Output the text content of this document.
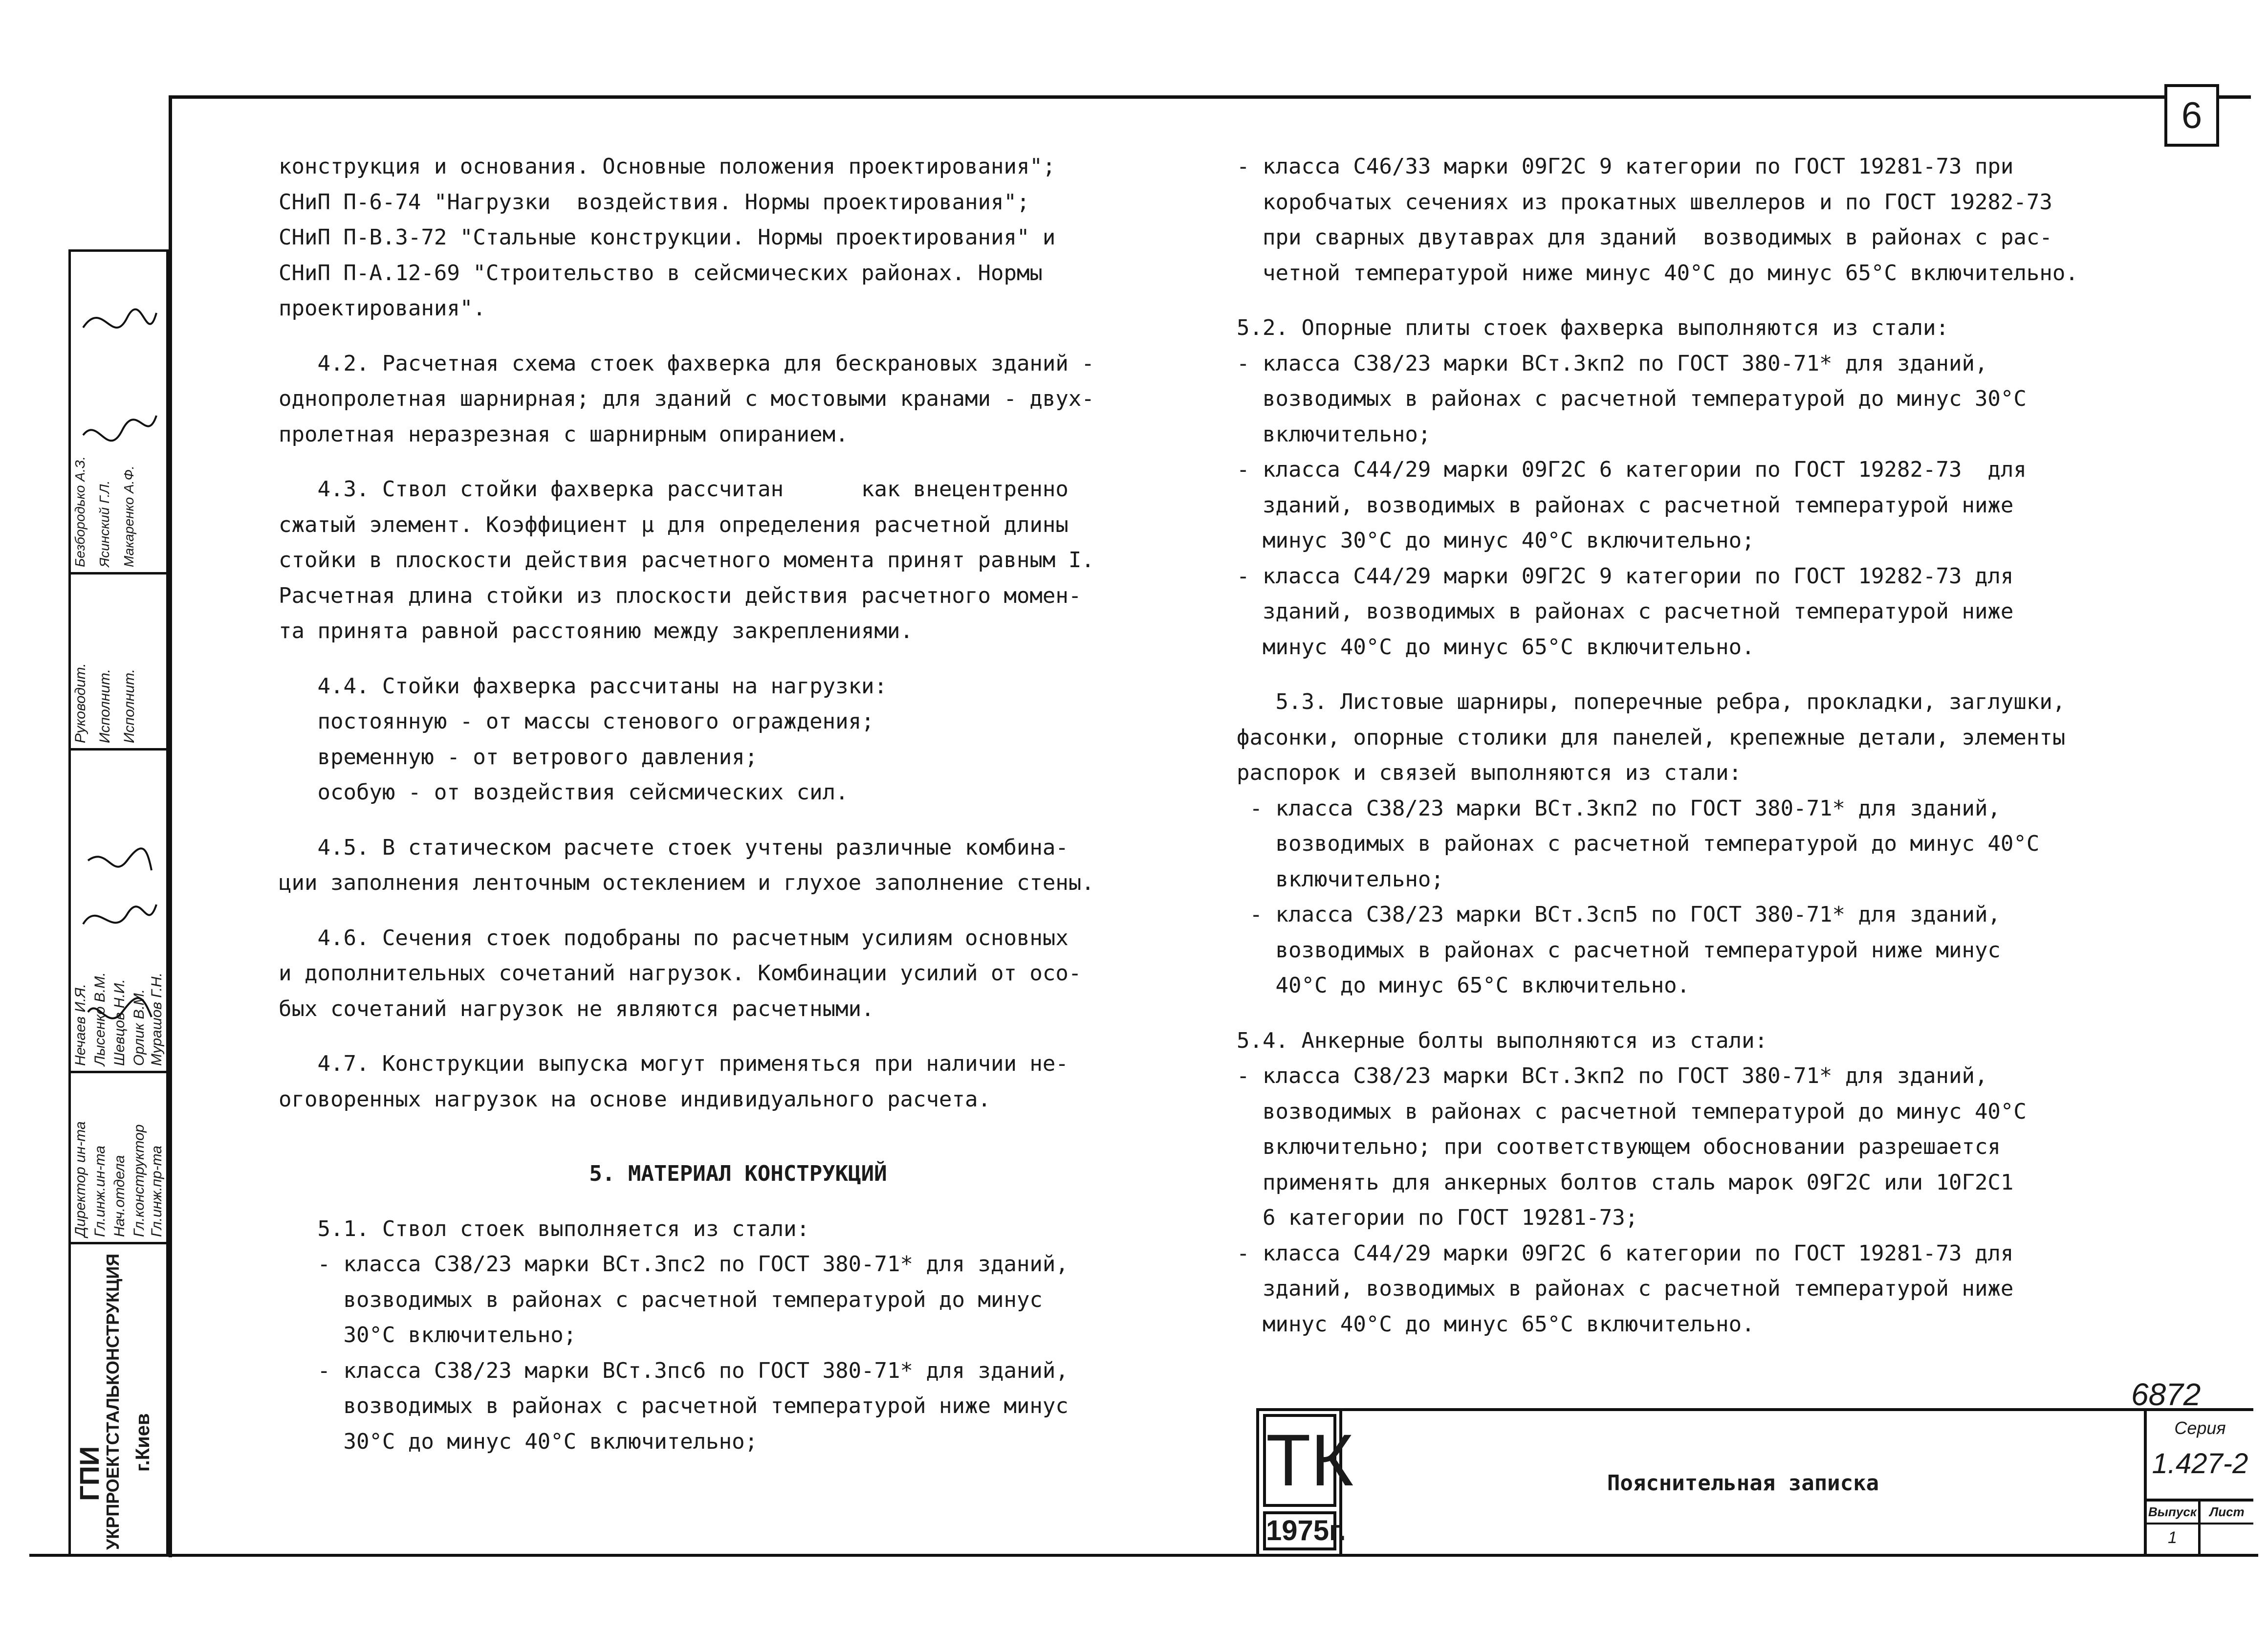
6
ГПИ
УКРПРОЕКТСТАЛЬКОНСТРУКЦИЯ г.Киев
Директор ин-та Гл.инж.ин-та Нач.отдела Гл.конструктор Гл.инж.пр-та
Нечаев И.Я. Лысенко В.М. Шевцов Н.И. Орлик В.М. Мурашов Г.Н.
Руководит. Исполнит. Исполнит.
Безбородько А.З. Ясинский Г.Л. Макаренко А.Ф.

конструкция и основания. Основные положения проектирования";

СНиП П-6-74 "Нагрузки  воздействия. Нормы проектирования";

СНиП П-В.3-72 "Стальные конструкции. Нормы проектирования" и

СНиП П-А.12-69 "Строительство в сейсмических районах. Нормы

проектирования".

4.2. Расчетная схема стоек фахверка для бескрановых зданий -

однопролетная шарнирная; для зданий с мостовыми кранами - двух-

пролетная неразрезная с шарнирным опиранием.

4.3. Ствол стойки фахверка рассчитан      как внецентренно

сжатый элемент. Коэффициент μ для определения расчетной длины

стойки в плоскости действия расчетного момента принят равным I.

Расчетная длина стойки из плоскости действия расчетного момен-

та принята равной расстоянию между закреплениями.

4.4. Стойки фахверка рассчитаны на нагрузки:

постоянную - от массы стенового ограждения;

временную - от ветрового давления;

особую - от воздействия сейсмических сил.

4.5. В статическом расчете стоек учтены различные комбина-

ции заполнения ленточным остеклением и глухое заполнение стены.

4.6. Сечения стоек подобраны по расчетным усилиям основных

и дополнительных сочетаний нагрузок. Комбинации усилий от осо-

бых сочетаний нагрузок не являются расчетными.

4.7. Конструкции выпуска могут применяться при наличии не-

оговоренных нагрузок на основе индивидуального расчета.

5. МАТЕРИАЛ КОНСТРУКЦИЙ

5.1. Ствол стоек выполняется из стали:

- класса С38/23 марки ВСт.3пс2 по ГОСТ 380-71* для зданий,

возводимых в районах с расчетной температурой до минус

30°С включительно;

- класса С38/23 марки ВСт.3пс6 по ГОСТ 380-71* для зданий,

возводимых в районах с расчетной температурой ниже минус

30°С до минус 40°С включительно;

- класса С46/33 марки 09Г2С 9 категории по ГОСТ 19281-73 при

коробчатых сечениях из прокатных швеллеров и по ГОСТ 19282-73

при сварных двутаврах для зданий  возводимых в районах с рас-

четной температурой ниже минус 40°С до минус 65°С включительно.

5.2. Опорные плиты стоек фахверка выполняются из стали:

- класса С38/23 марки ВСт.3кп2 по ГОСТ 380-71* для зданий,

возводимых в районах с расчетной температурой до минус 30°С

включительно;

- класса С44/29 марки 09Г2С 6 категории по ГОСТ 19282-73  для

зданий, возводимых в районах с расчетной температурой ниже

минус 30°С до минус 40°С включительно;

- класса С44/29 марки 09Г2С 9 категории по ГОСТ 19282-73 для

зданий, возводимых в районах с расчетной температурой ниже

минус 40°С до минус 65°С включительно.

5.3. Листовые шарниры, поперечные ребра, прокладки, заглушки,

фасонки, опорные столики для панелей, крепежные детали, элементы

распорок и связей выполняются из стали:

- класса С38/23 марки ВСт.3кп2 по ГОСТ 380-71* для зданий,

возводимых в районах с расчетной температурой до минус 40°С

включительно;

- класса С38/23 марки ВСт.3сп5 по ГОСТ 380-71* для зданий,

возводимых в районах с расчетной температурой ниже минус

40°С до минус 65°С включительно.

5.4. Анкерные болты выполняются из стали:

- класса С38/23 марки ВСт.3кп2 по ГОСТ 380-71* для зданий,

возводимых в районах с расчетной температурой до минус 40°С

включительно; при соответствующем обосновании разрешается

применять для анкерных болтов сталь марок 09Г2С или 10Г2С1

6 категории по ГОСТ 19281-73;

- класса С44/29 марки 09Г2С 6 категории по ГОСТ 19281-73 для

зданий, возводимых в районах с расчетной температурой ниже

минус 40°С до минус 65°С включительно.

6872
ТК
1975г.
Пояснительная записка
Серия
1.427-2
Выпуск
1
Лист
